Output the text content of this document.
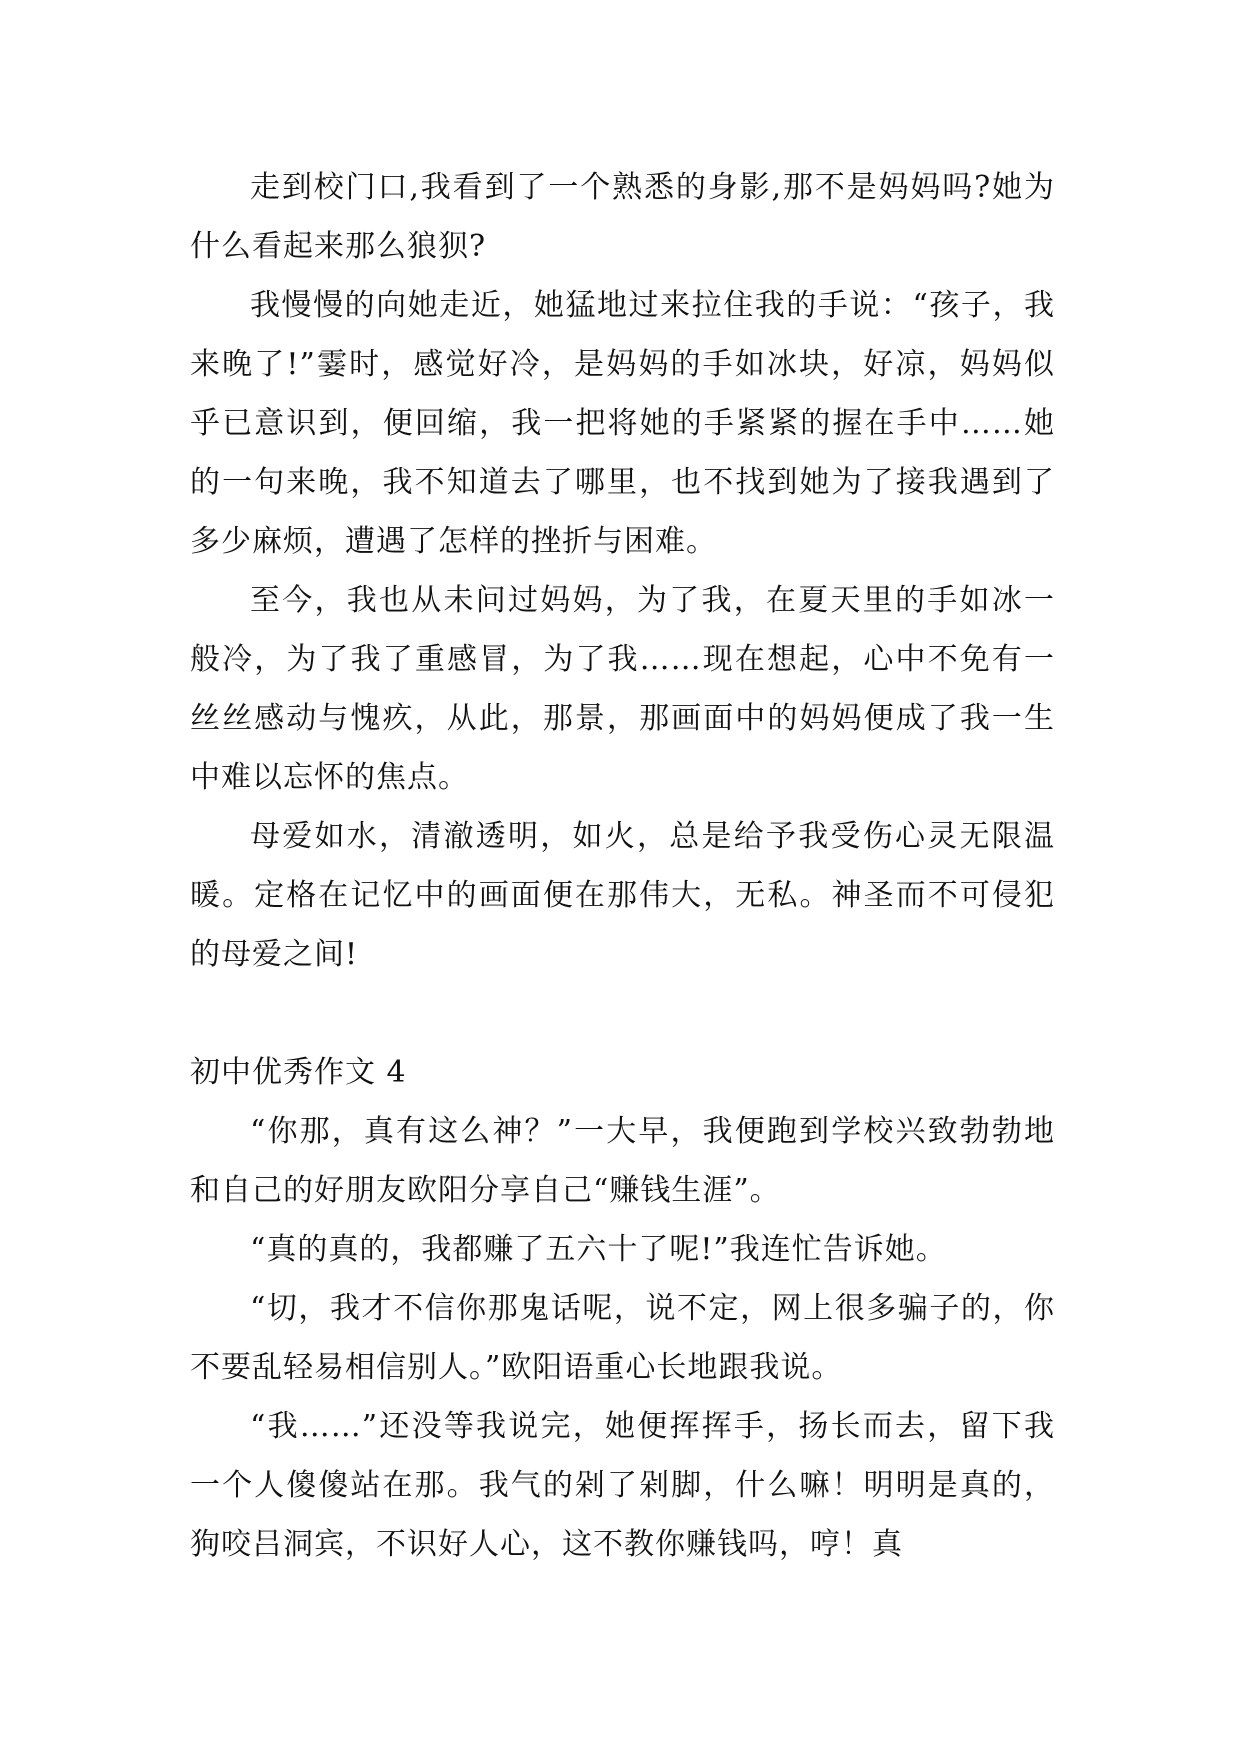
走到校门口,我看到了一个熟悉的身影,那不是妈妈吗?她为什么看起来那么狼狈?

我慢慢的向她走近，她猛地过来拉住我的手说：“孩子，我来晚了!”霎时，感觉好冷，是妈妈的手如冰块，好凉，妈妈似乎已意识到，便回缩，我一把将她的手紧紧的握在手中……她的一句来晚，我不知道去了哪里，也不找到她为了接我遇到了多少麻烦，遭遇了怎样的挫折与困难。

至今，我也从未问过妈妈，为了我，在夏天里的手如冰一般冷，为了我了重感冒，为了我……现在想起，心中不免有一丝丝感动与愧疚，从此，那景，那画面中的妈妈便成了我一生中难以忘怀的焦点。

母爱如水，清澈透明，如火，总是给予我受伤心灵无限温暖。定格在记忆中的画面便在那伟大，无私。神圣而不可侵犯的母爱之间!

初中优秀作文 4

“你那，真有这么神？”一大早，我便跑到学校兴致勃勃地和自己的好朋友欧阳分享自己“赚钱生涯”。

“真的真的，我都赚了五六十了呢!”我连忙告诉她。

“切，我才不信你那鬼话呢，说不定，网上很多骗子的，你不要乱轻易相信别人。”欧阳语重心长地跟我说。

“我……”还没等我说完，她便挥挥手，扬长而去，留下我一个人傻傻站在那。我气的剁了剁脚，什么嘛！明明是真的，狗咬吕洞宾，不识好人心，这不教你赚钱吗，哼！真
